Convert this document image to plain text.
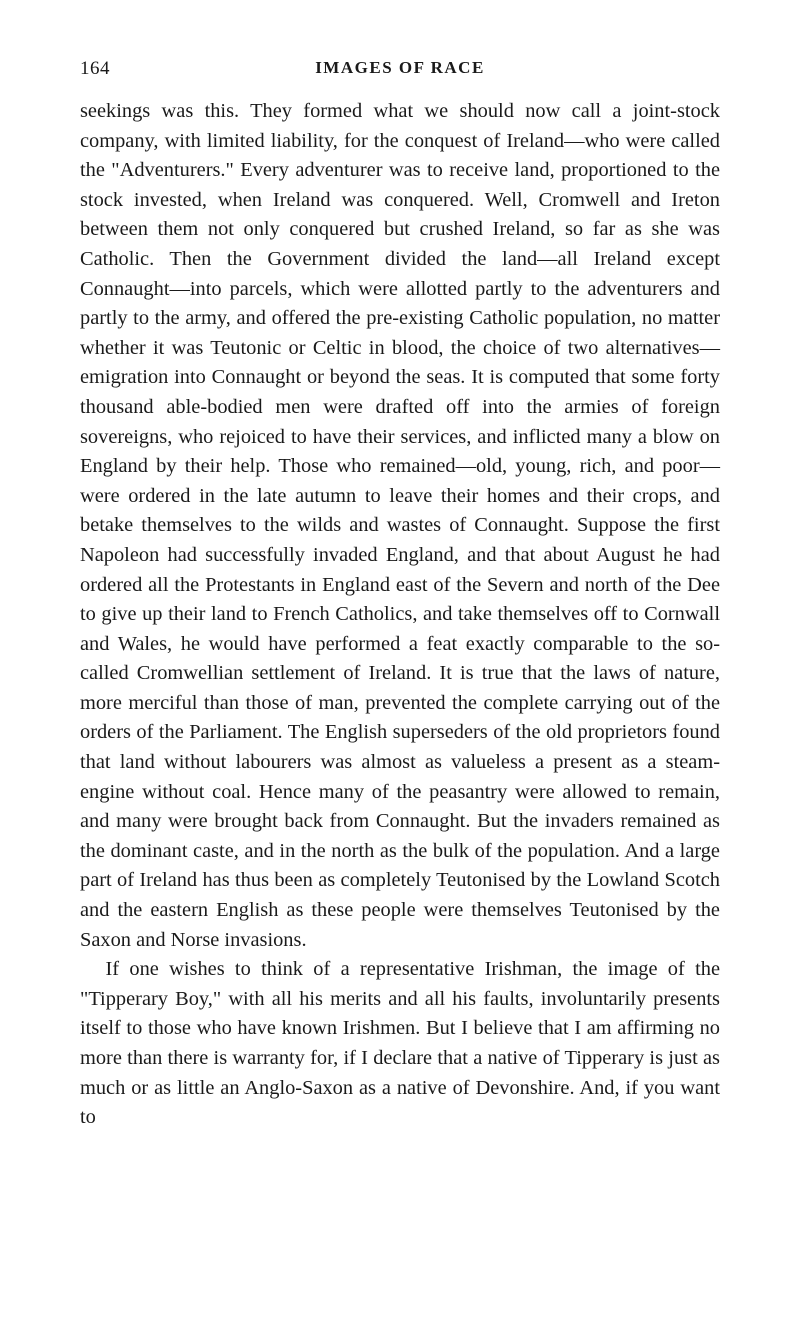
164	IMAGES OF RACE

seekings was this. They formed what we should now call a joint-stock company, with limited liability, for the conquest of Ireland—who were called the "Adventurers." Every adventurer was to receive land, proportioned to the stock invested, when Ireland was conquered. Well, Cromwell and Ireton between them not only conquered but crushed Ireland, so far as she was Catholic. Then the Government divided the land—all Ireland except Connaught—into parcels, which were allotted partly to the adventurers and partly to the army, and offered the pre-existing Catholic population, no matter whether it was Teutonic or Celtic in blood, the choice of two alternatives—emigration into Connaught or beyond the seas. It is computed that some forty thousand able-bodied men were drafted off into the armies of foreign sovereigns, who rejoiced to have their services, and inflicted many a blow on England by their help. Those who remained—old, young, rich, and poor—were ordered in the late autumn to leave their homes and their crops, and betake themselves to the wilds and wastes of Connaught. Suppose the first Napoleon had successfully invaded England, and that about August he had ordered all the Protestants in England east of the Severn and north of the Dee to give up their land to French Catholics, and take themselves off to Cornwall and Wales, he would have performed a feat exactly comparable to the so-called Cromwellian settlement of Ireland. It is true that the laws of nature, more merciful than those of man, prevented the complete carrying out of the orders of the Parliament. The English superseders of the old proprietors found that land without labourers was almost as valueless a present as a steam-engine without coal. Hence many of the peasantry were allowed to remain, and many were brought back from Connaught. But the invaders remained as the dominant caste, and in the north as the bulk of the population. And a large part of Ireland has thus been as completely Teutonised by the Lowland Scotch and the eastern English as these people were themselves Teutonised by the Saxon and Norse invasions.

If one wishes to think of a representative Irishman, the image of the "Tipperary Boy," with all his merits and all his faults, involuntarily presents itself to those who have known Irishmen. But I believe that I am affirming no more than there is warranty for, if I declare that a native of Tipperary is just as much or as little an Anglo-Saxon as a native of Devonshire. And, if you want to
